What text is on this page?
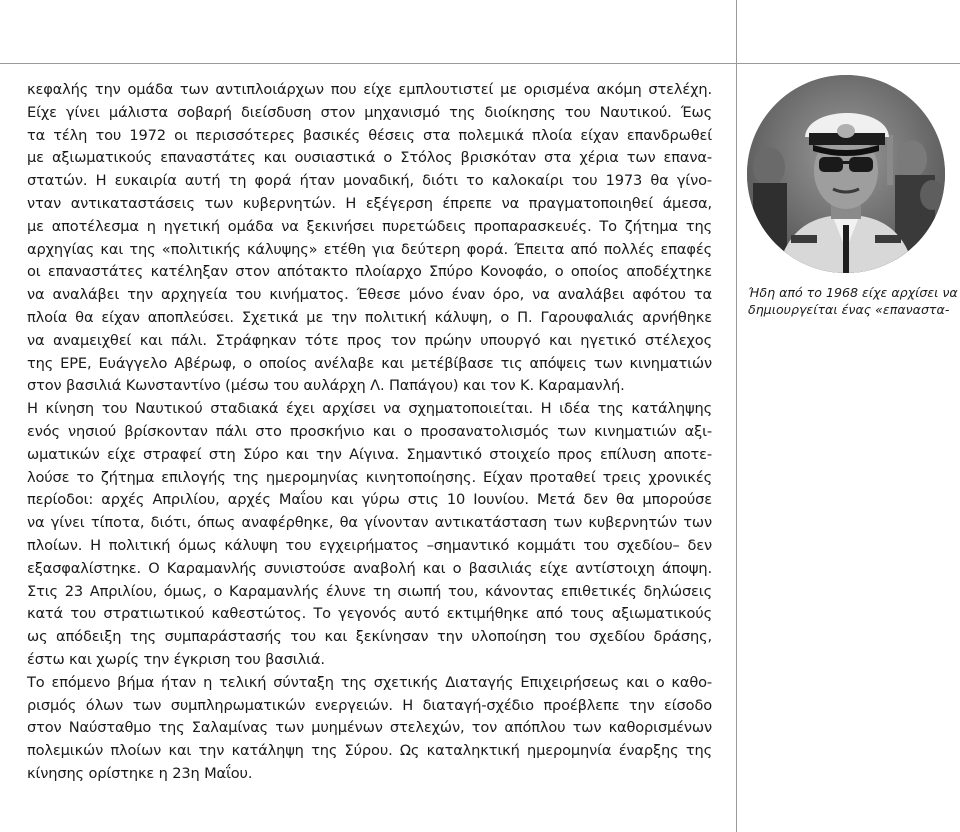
κεφαλής την ομάδα των αντιπλοιάρχων που είχε εμπλουτιστεί με ορισμένα ακόμη στελέχη.
Είχε γίνει μάλιστα σοβαρή διείσδυση στον μηχανισμό της διοίκησης του Ναυτικού. Έως
τα τέλη του 1972 οι περισσότερες βασικές θέσεις στα πολεμικά πλοία είχαν επανδρωθεί
με αξιωματικούς επαναστάτες και ουσιαστικά ο Στόλος βρισκόταν στα χέρια των επανα-
στατών. Η ευκαιρία αυτή τη φορά ήταν μοναδική, διότι το καλοκαίρι του 1973 θα γίνο-
νταν αντικαταστάσεις των κυβερνητών. Η εξέγερση έπρεπε να πραγματοποιηθεί άμεσα,
με αποτέλεσμα η ηγετική ομάδα να ξεκινήσει πυρετώδεις προπαρασκευές. Το ζήτημα της
αρχηγίας και της «πολιτικής κάλυψης» ετέθη για δεύτερη φορά. Έπειτα από πολλές επαφές
οι επαναστάτες κατέληξαν στον απότακτο πλοίαρχο Σπύρο Κονοφάο, ο οποίος αποδέχτηκε
να αναλάβει την αρχηγεία του κινήματος. Έθεσε μόνο έναν όρο, να αναλάβει αφότου τα
πλοία θα είχαν αποπλεύσει. Σχετικά με την πολιτική κάλυψη, ο Π. Γαρουφαλιάς αρνήθηκε
να αναμειχθεί και πάλι. Στράφηκαν τότε προς τον πρώην υπουργό και ηγετικό στέλεχος
της ΕΡΕ, Ευάγγελο Αβέρωφ, ο οποίος ανέλαβε και μετέβίβασε τις απόψεις των κινηματιών
στον βασιλιά Κωνσταντίνο (μέσω του αυλάρχη Λ. Παπάγου) και τον Κ. Καραμανλή.
Η κίνηση του Ναυτικού σταδιακά έχει αρχίσει να σχηματοποιείται. Η ιδέα της κατάληψης
ενός νησιού βρίσκονταν πάλι στο προσκήνιο και ο προσανατολισμός των κινηματιών αξι-
ωματικών είχε στραφεί στη Σύρο και την Αίγινα. Σημαντικό στοιχείο προς επίλυση αποτε-
λούσε το ζήτημα επιλογής της ημερομηνίας κινητοποίησης. Είχαν προταθεί τρεις χρονικές
περίοδοι: αρχές Απριλίου, αρχές Μαΐου και γύρω στις 10 Ιουνίου. Μετά δεν θα μπορούσε
να γίνει τίποτα, διότι, όπως αναφέρθηκε, θα γίνονταν αντικατάσταση των κυβερνητών των
πλοίων. Η πολιτική όμως κάλυψη του εγχειρήματος –σημαντικό κομμάτι του σχεδίου– δεν
εξασφαλίστηκε. Ο Καραμανλής συνιστούσε αναβολή και ο βασιλιάς είχε αντίστοιχη άποψη.
Στις 23 Απριλίου, όμως, ο Καραμανλής έλυνε τη σιωπή του, κάνοντας επιθετικές δηλώσεις
κατά του στρατιωτικού καθεστώτος. Το γεγονός αυτό εκτιμήθηκε από τους αξιωματικούς
ως απόδειξη της συμπαράστασής του και ξεκίνησαν την υλοποίηση του σχεδίου δράσης,
έστω και χωρίς την έγκριση του βασιλιά.
Το επόμενο βήμα ήταν η τελική σύνταξη της σχετικής Διαταγής Επιχειρήσεως και ο καθο-
ρισμός όλων των συμπληρωματικών ενεργειών. Η διαταγή-σχέδιο προέβλεπε την είσοδο
στον Ναύσταθμο της Σαλαμίνας των μυημένων στελεχών, τον απόπλου των καθορισμένων
πολεμικών πλοίων και την κατάληψη της Σύρου. Ως καταληκτική ημερομηνία έναρξης της
κίνησης ορίστηκε η 23η Μαΐου.
Ήδη από το 1968 είχε αρχίσει να
δημιουργείται ένας «επαναστα-
